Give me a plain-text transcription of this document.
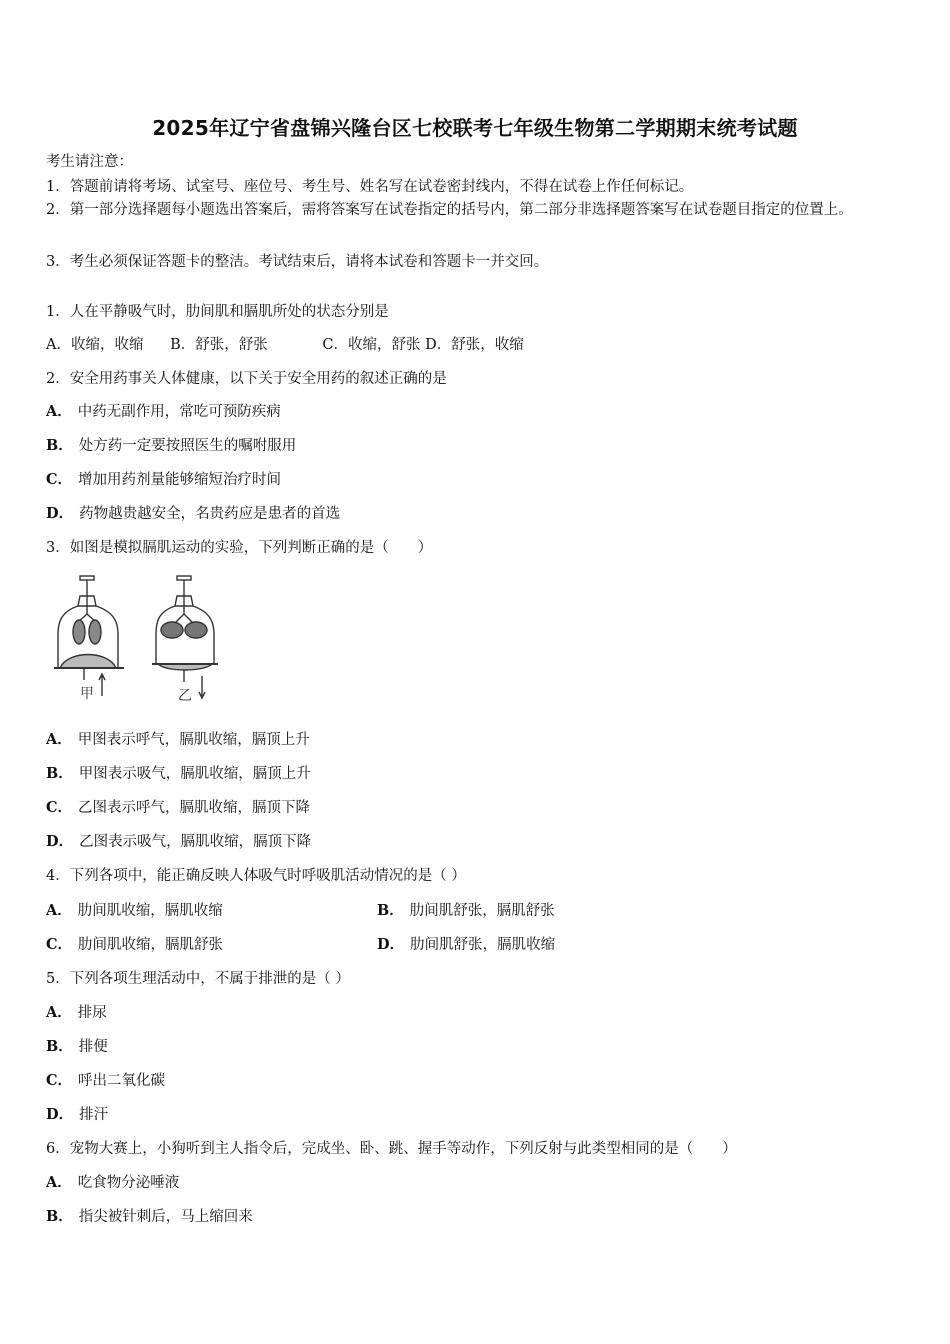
2025年辽宁省盘锦兴隆台区七校联考七年级生物第二学期期末统考试题
考生请注意：
1．答题前请将考场、试室号、座位号、考生号、姓名写在试卷密封线内，不得在试卷上作任何标记。
2．第一部分选择题每小题选出答案后，需将答案写在试卷指定的括号内，第二部分非选择题答案写在试卷题目指定的位置上。
3．考生必须保证答题卡的整洁。考试结束后，请将本试卷和答题卡一并交回。
1．人在平静吸气时，肋间肌和膈肌所处的状态分别是
A．收缩，收缩 B．舒张，舒张	C．收缩，舒张 D．舒张，收缩
2．安全用药事关人体健康，以下关于安全用药的叙述正确的是
A． 中药无副作用，常吃可预防疾病
B． 处方药一定要按照医生的嘱咐服用
C． 增加用药剂量能够缩短治疗时间
D． 药物越贵越安全，名贵药应是患者的首选
3．如图是模拟膈肌运动的实验，下列判断正确的是（　　）
甲	乙
A． 甲图表示呼气，膈肌收缩，膈顶上升
B． 甲图表示吸气，膈肌收缩，膈顶上升
C． 乙图表示呼气，膈肌收缩，膈顶下降
D． 乙图表示吸气，膈肌收缩，膈顶下降
4．下列各项中，能正确反映人体吸气时呼吸肌活动情况的是（ ）
A． 肋间肌收缩，膈肌收缩	B． 肋间肌舒张，膈肌舒张
C． 肋间肌收缩，膈肌舒张	D． 肋间肌舒张，膈肌收缩
5．下列各项生理活动中，不属于排泄的是（ ）
A． 排尿
B． 排便
C． 呼出二氧化碳
D． 排汗
6．宠物大赛上，小狗听到主人指令后，完成坐、卧、跳、握手等动作，下列反射与此类型相同的是（　　）
A． 吃食物分泌唾液
B． 指尖被针刺后，马上缩回来
